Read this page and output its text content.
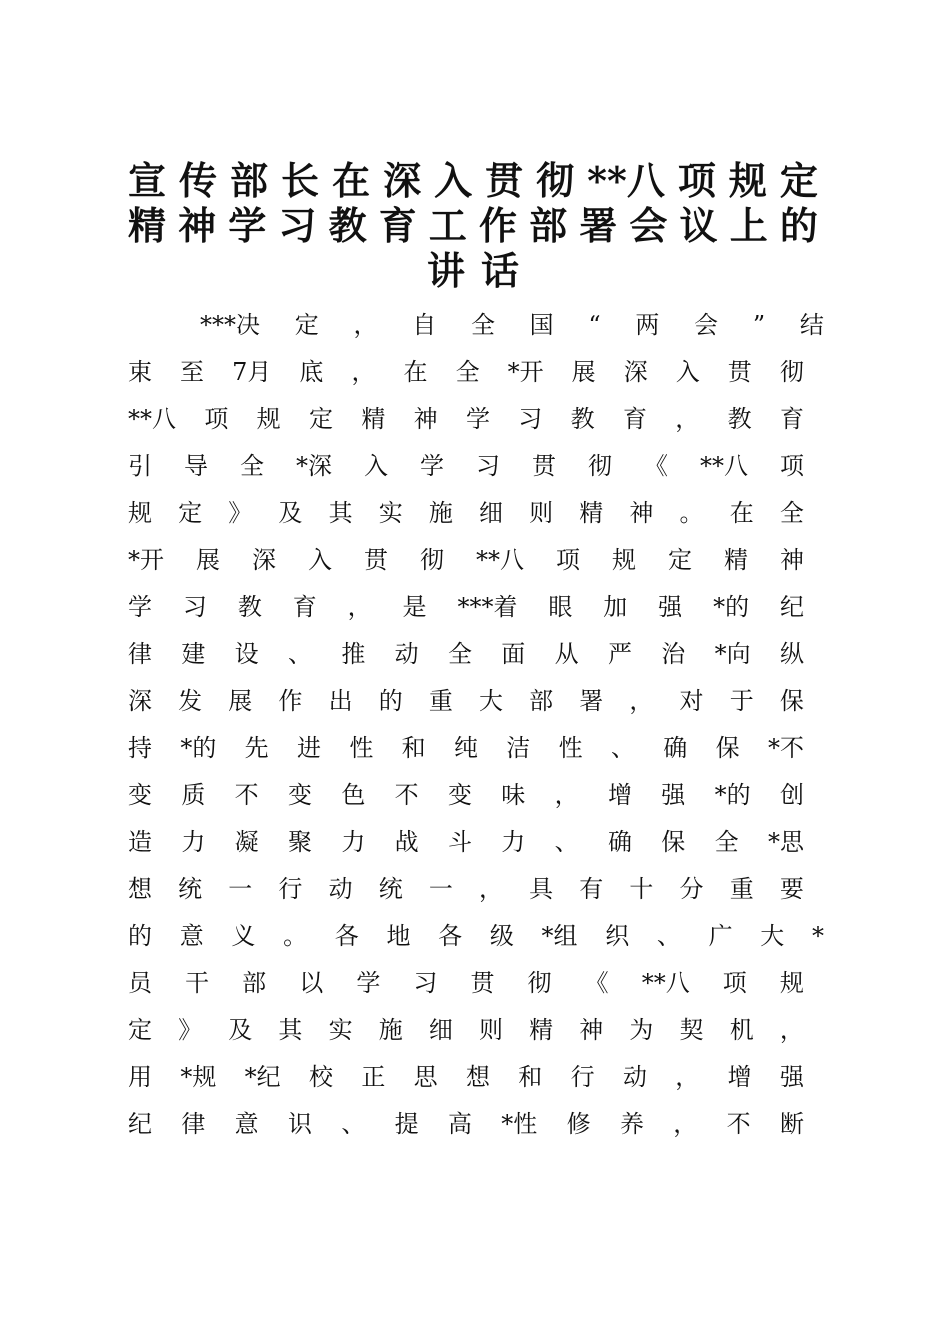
宣 传 部 长 在 深 入 贯 彻 **八 项 规 定
精 神 学 习 教 育 工 作 部 署 会 议 上 的
讲 话
***决 定 ， 自 全 国 “ 两 会 ” 结
束 至 7月 底 ， 在 全 *开 展 深 入 贯 彻
**八 项 规 定 精 神 学 习 教 育 ， 教 育
引 导 全 *深 入 学 习 贯 彻 《 **八 项
规 定 》 及 其 实 施 细 则 精 神 。 在 全
*开 展 深 入 贯 彻 **八 项 规 定 精 神
学 习 教 育 ， 是 ***着 眼 加 强 *的 纪
律 建 设 、 推 动 全 面 从 严 治 *向 纵
深 发 展 作 出 的 重 大 部 署 ， 对 于 保
持 *的 先 进 性 和 纯 洁 性 、 确 保 *不
变 质 不 变 色 不 变 味 ， 增 强 *的 创
造 力 凝 聚 力 战 斗 力 、 确 保 全 *思
想 统 一 行 动 统 一 ， 具 有 十 分 重 要
的 意 义 。 各 地 各 级 *组 织 、 广 大 *
员 干 部 以 学 习 贯 彻 《 **八 项 规
定 》 及 其 实 施 细 则 精 神 为 契 机 ，
用 *规 *纪 校 正 思 想 和 行 动 ， 增 强
纪 律 意 识 、 提 高 *性 修 养 ， 不 断
